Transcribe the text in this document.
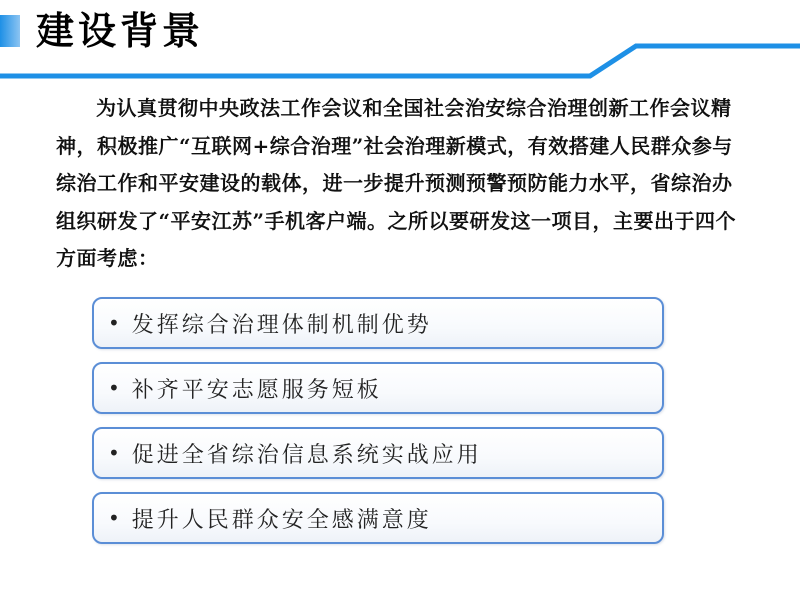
建设背景

为认真贯彻中央政法工作会议和全国社会治安综合治理创新工作会议精神，积极推广“互联网+综合治理”社会治理新模式，有效搭建人民群众参与综治工作和平安建设的载体，进一步提升预测预警预防能力水平，省综治办组织研发了“平安江苏”手机客户端。之所以要研发这一项目，主要出于四个方面考虑：

• 发挥综合治理体制机制优势
• 补齐平安志愿服务短板
• 促进全省综治信息系统实战应用
• 提升人民群众安全感满意度
